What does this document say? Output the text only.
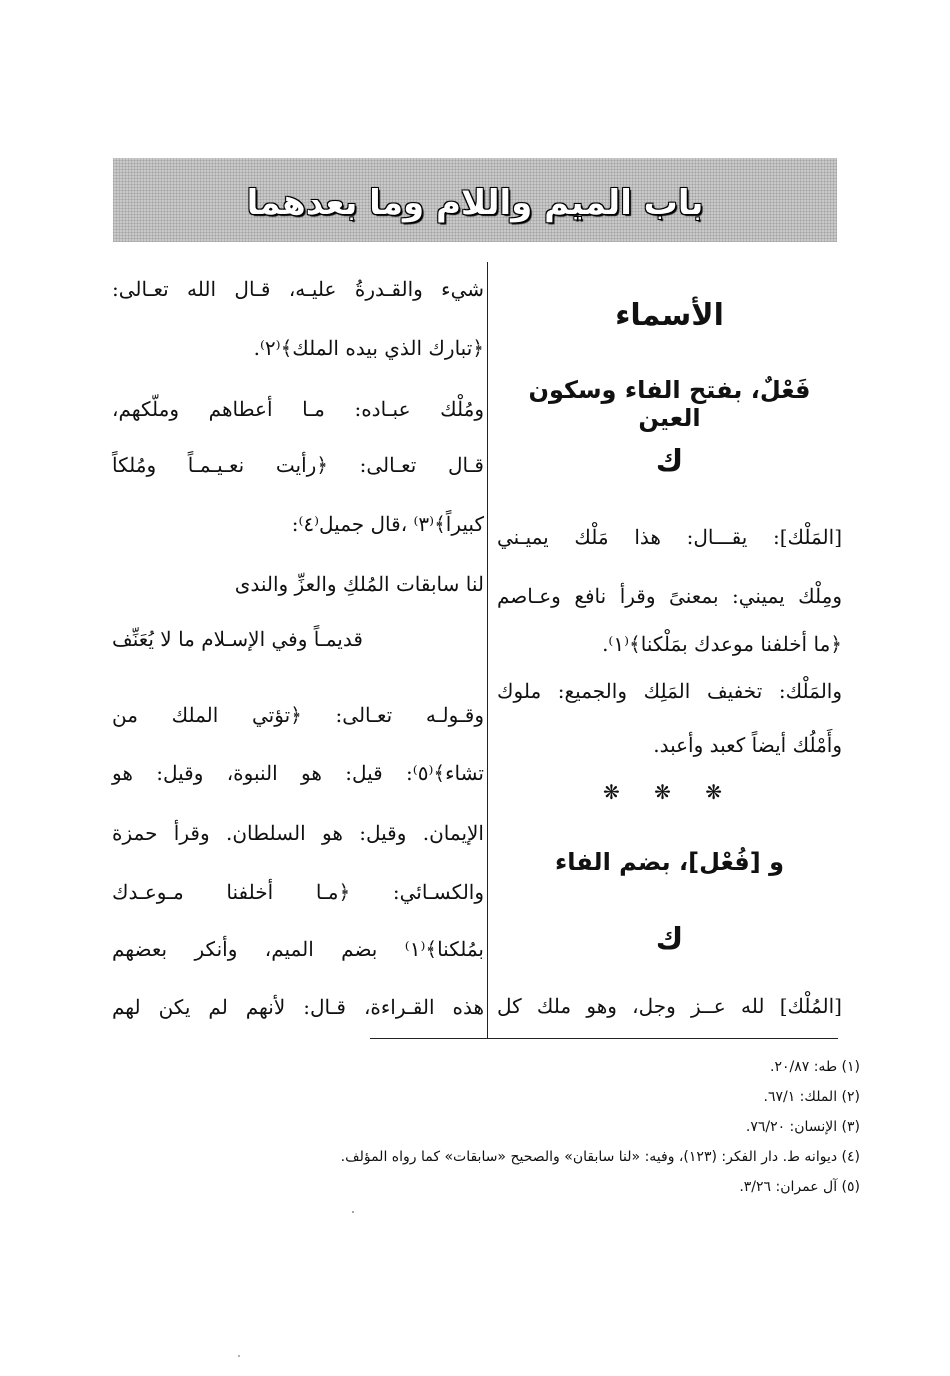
باب الميم واللام وما بعدهما
الأسماء
فَعْلٌ، بفتح الفاء وسكون العين
ك
[المَلْك]: يقـــال: هذا مَلْك يميـني
ومِلْك يميني: بمعنىً وقرأ نافع وعـاصم
﴿ما أخلفنا موعدك بمَلْكنا﴾⁽١⁾.
والمَلْك: تخفيف المَلِك والجميع: ملوك
وأَمْلُك أيضاً كعبد وأعبد.
❋ ❋ ❋
و [فُعْل]، بضم الفاء
ك
[المُلْك] لله عــز وجل، وهو ملك كل
شيء والقـدرةُ عليـه، قـال الله تعـالى:
﴿تبارك الذي بيده الملك﴾⁽٢⁾.
ومُلْك عبـاده: مـا أعطاهم وملّكهم،
قـال تعـالى: ﴿رأيت نعـيـمـاً ومُلكاً
كبيراً﴾⁽٣⁾ ،قال جميل⁽٤⁾:
لنا سابقات المُلكِ والعزِّ والندى
قديمـاً وفي الإسـلام ما لا يُعَنِّف
وقـولـه تعـالى: ﴿تؤتي الملك من
تشاء﴾⁽٥⁾: قيل: هو النبوة، وقيل: هو
الإيمان. وقيل: هو السلطان. وقرأ حمزة
والكسـائي: ﴿مـا أخلفنا مـوعـدك
بمُلكنا﴾⁽١⁾ بضم الميم، وأنكر بعضهم
هذه القـراءة، قـال: لأنهم لم يكن لهم
(١) طه: ٢٠/٨٧.
(٢) الملك: ٦٧/١.
(٣) الإنسان: ٧٦/٢٠.
(٤) ديوانه ط. دار الفكر: (١٢٣)، وفيه: «لنا سابقان» والصحيح «سابقات» كما رواه المؤلف.
(٥) آل عمران: ٣/٢٦.
